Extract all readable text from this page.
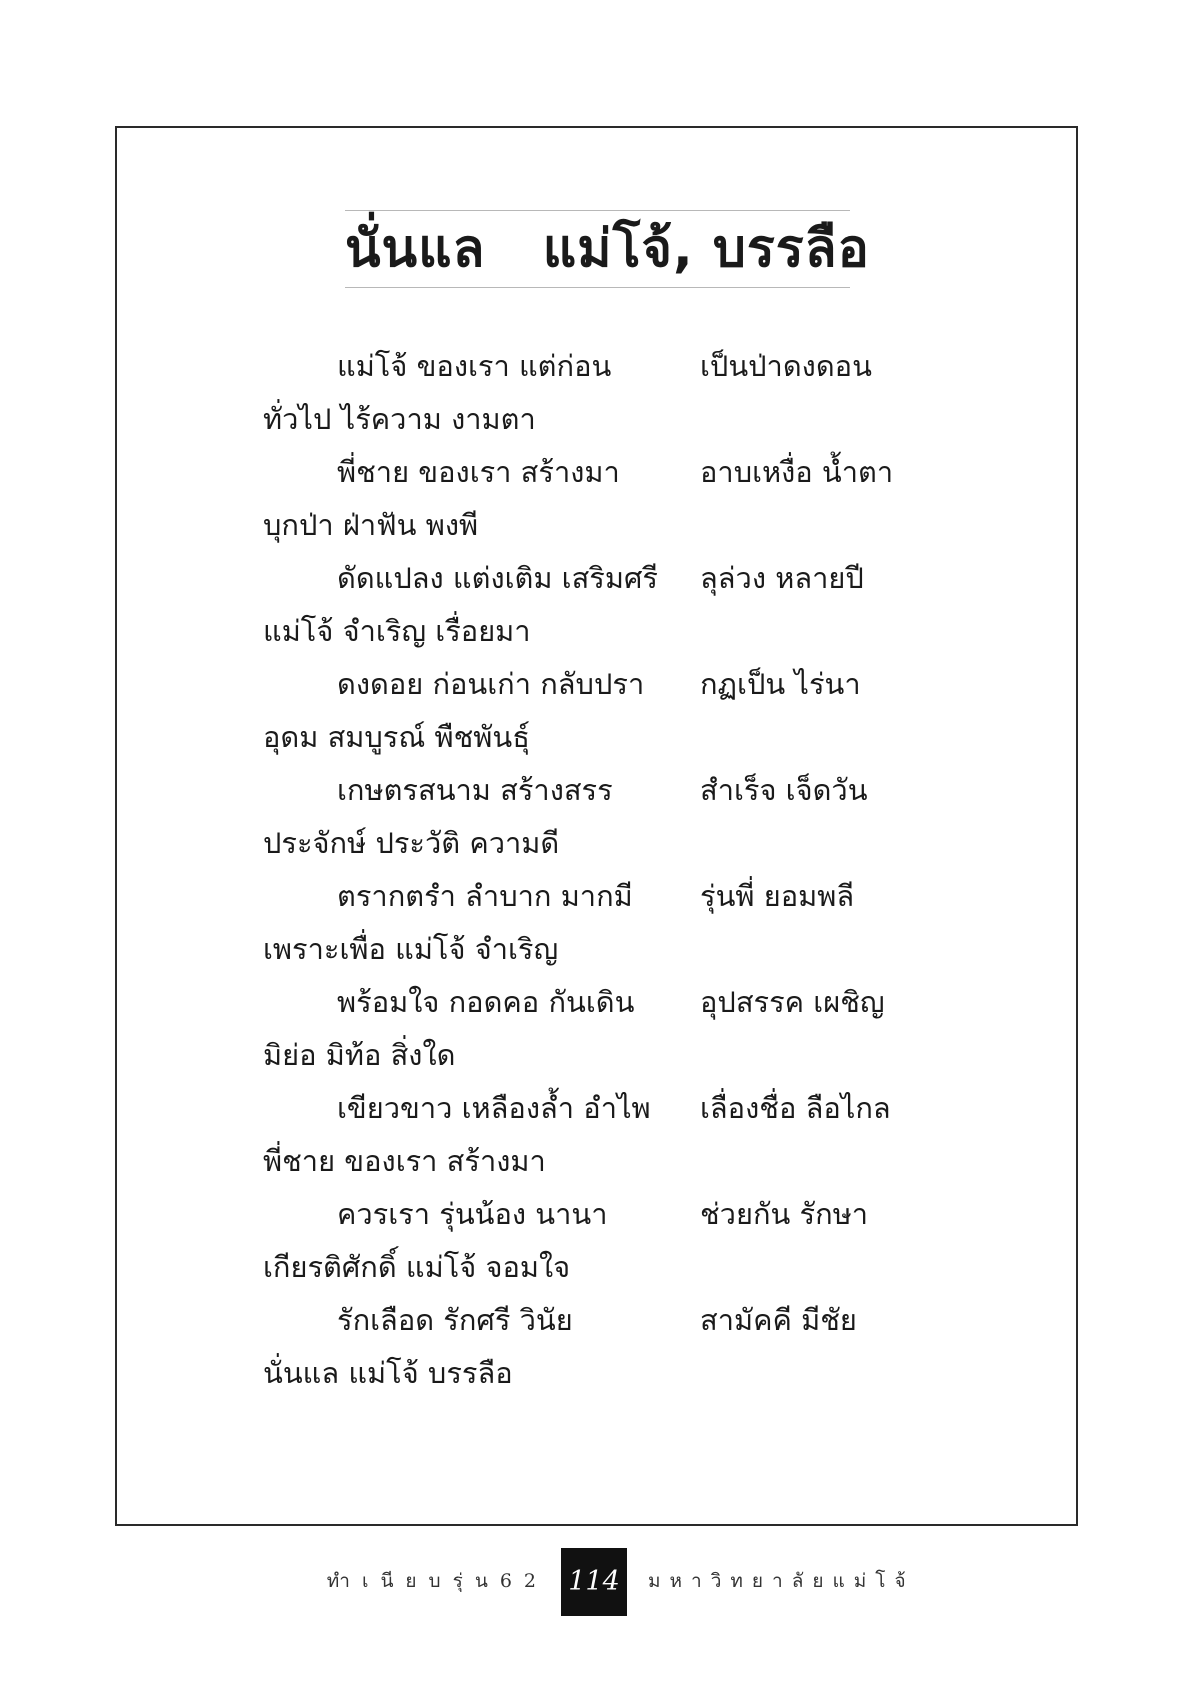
นั่นแล   แม่โจ้, บรรลือ
แม่โจ้ ของเรา แต่ก่อน	เป็นป่าดงดอน
ทั่วไป ไร้ความ งามตา
พี่ชาย ของเรา สร้างมา	อาบเหงื่อ น้ำตา
บุกป่า ฝ่าฟัน พงพี
ดัดแปลง แต่งเติม เสริมศรี ลุล่วง หลายปี
แม่โจ้ จำเริญ เรื่อยมา
ดงดอย ก่อนเก่า กลับปรา กฏเป็น ไร่นา
อุดม สมบูรณ์ พืชพันธุ์
เกษตรสนาม สร้างสรร	สำเร็จ เจ็ดวัน
ประจักษ์ ประวัติ ความดี
ตรากตรำ ลำบาก มากมี รุ่นพี่ ยอมพลี
เพราะเพื่อ แม่โจ้ จำเริญ
พร้อมใจ กอดคอ กันเดิน อุปสรรค เผชิญ
มิย่อ มิท้อ สิ่งใด
เขียวขาว เหลืองล้ำ อำไพ เลื่องชื่อ ลือไกล
พี่ชาย ของเรา สร้างมา
ควรเรา รุ่นน้อง นานา	ช่วยกัน รักษา
เกียรติศักดิ์ แม่โจ้ จอมใจ
รักเลือด รักศรี วินัย	สามัคคี มีชัย
นั่นแล แม่โจ้ บรรลือ
ทำเนียบรุ่น62 114	มหาวิทยาลัยแม่โจ้
